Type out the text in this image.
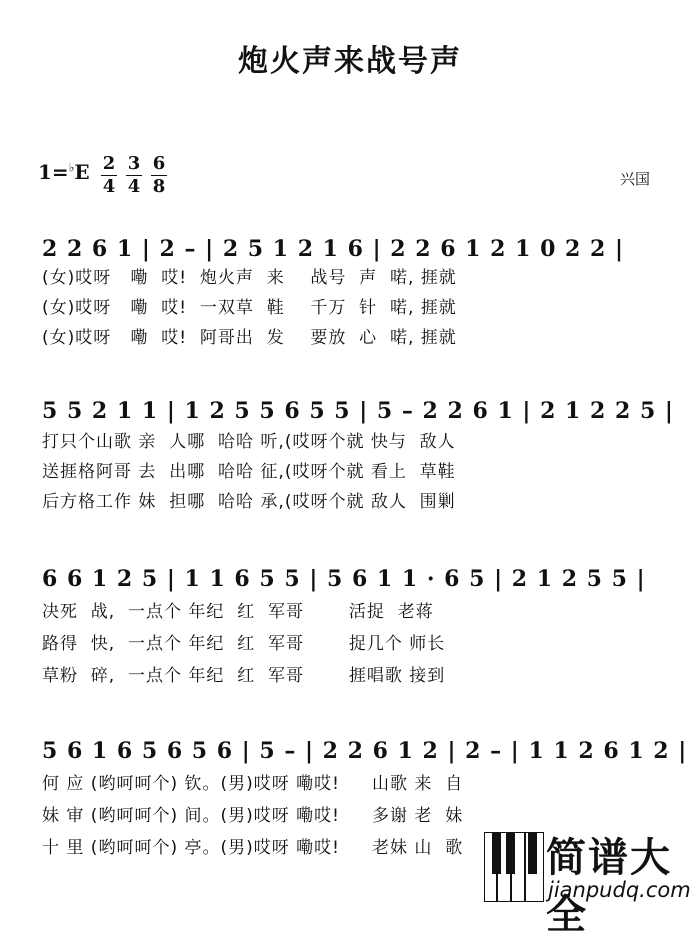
炮火声来战号声
1=♭E 2
4
3
4
6
8	兴国
2 2 6 1 | 2 – | 2 5 1 2 1 6 | 2 2 6 1 2 1 0 2 2 |
(女)哎呀   嘞  哎!  炮火声  来    战号  声  喏, 捱就
(女)哎呀   嘞  哎!  一双草  鞋    千万  针  喏, 捱就
(女)哎呀   嘞  哎!  阿哥出  发    要放  心  喏, 捱就
5 5 2 1 1 | 1 2 5 5 6 5 5 | 5 – 2 2 6 1 | 2 1 2 2 5 |
打只个山歌 亲  人哪  哈哈 听,(哎呀个就 快与  敌人
送捱格阿哥 去  出哪  哈哈 征,(哎呀个就 看上  草鞋
后方格工作 妹  担哪  哈哈 承,(哎呀个就 敌人  围剿
6 6 1 2 5 | 1 1 6 5 5 | 5 6 1 1 · 6 5 | 2 1 2 5 5 |
决死  战,  一点个 年纪  红  军哥       活捉  老蒋
路得  快,  一点个 年纪  红  军哥       捉几个 师长
草粉  碎,  一点个 年纪  红  军哥       捱唱歌 接到
5 6 1 6 5 6 5 6 | 5 – | 2 2 6 1 2 | 2 – | 1 1 2 6 1 2 |
何 应 (哟呵呵个) 钦。(男)哎呀 嘞哎!     山歌 来  自
妹 审 (哟呵呵个) 间。(男)哎呀 嘞哎!     多谢 老  妹
十 里 (哟呵呵个) 亭。(男)哎呀 嘞哎!     老妹 山  歌	简谱大全
jianpudq.com
